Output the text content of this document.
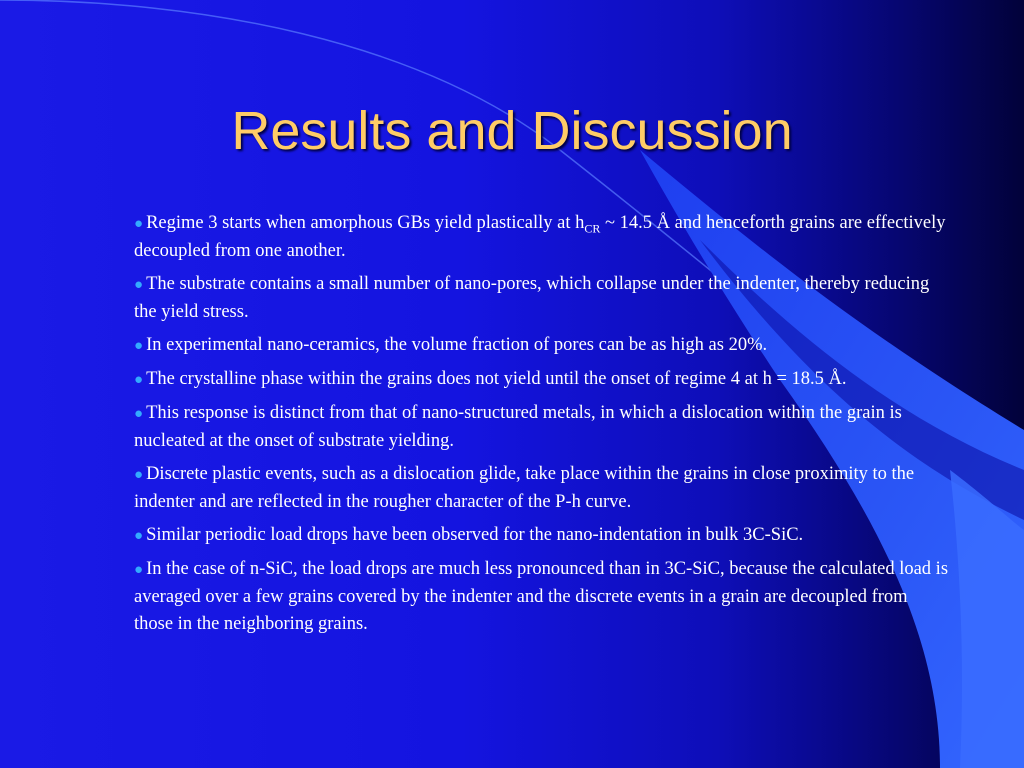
Results and Discussion

● Regime 3 starts when amorphous GBs yield plastically at $h_{CR}$ ~ 14.5 Å and henceforth grains are effectively decoupled from one another.

● The substrate contains a small number of nano-pores, which collapse under the indenter, thereby reducing the yield stress.

● In experimental nano-ceramics, the volume fraction of pores can be as high as 20%.

● The crystalline phase within the grains does not yield until the onset of regime 4 at h = 18.5 Å.

● This response is distinct from that of nano-structured metals, in which a dislocation within the grain is nucleated at the onset of substrate yielding.

● Discrete plastic events, such as a dislocation glide, take place within the grains in close proximity to the indenter and are reflected in the rougher character of the P-h curve.

● Similar periodic load drops have been observed for the nano-indentation in bulk 3C-SiC.

● In the case of n-SiC, the load drops are much less pronounced than in 3C-SiC, because the calculated load is averaged over a few grains covered by the indenter and the discrete events in a grain are decoupled from those in the neighboring grains.
